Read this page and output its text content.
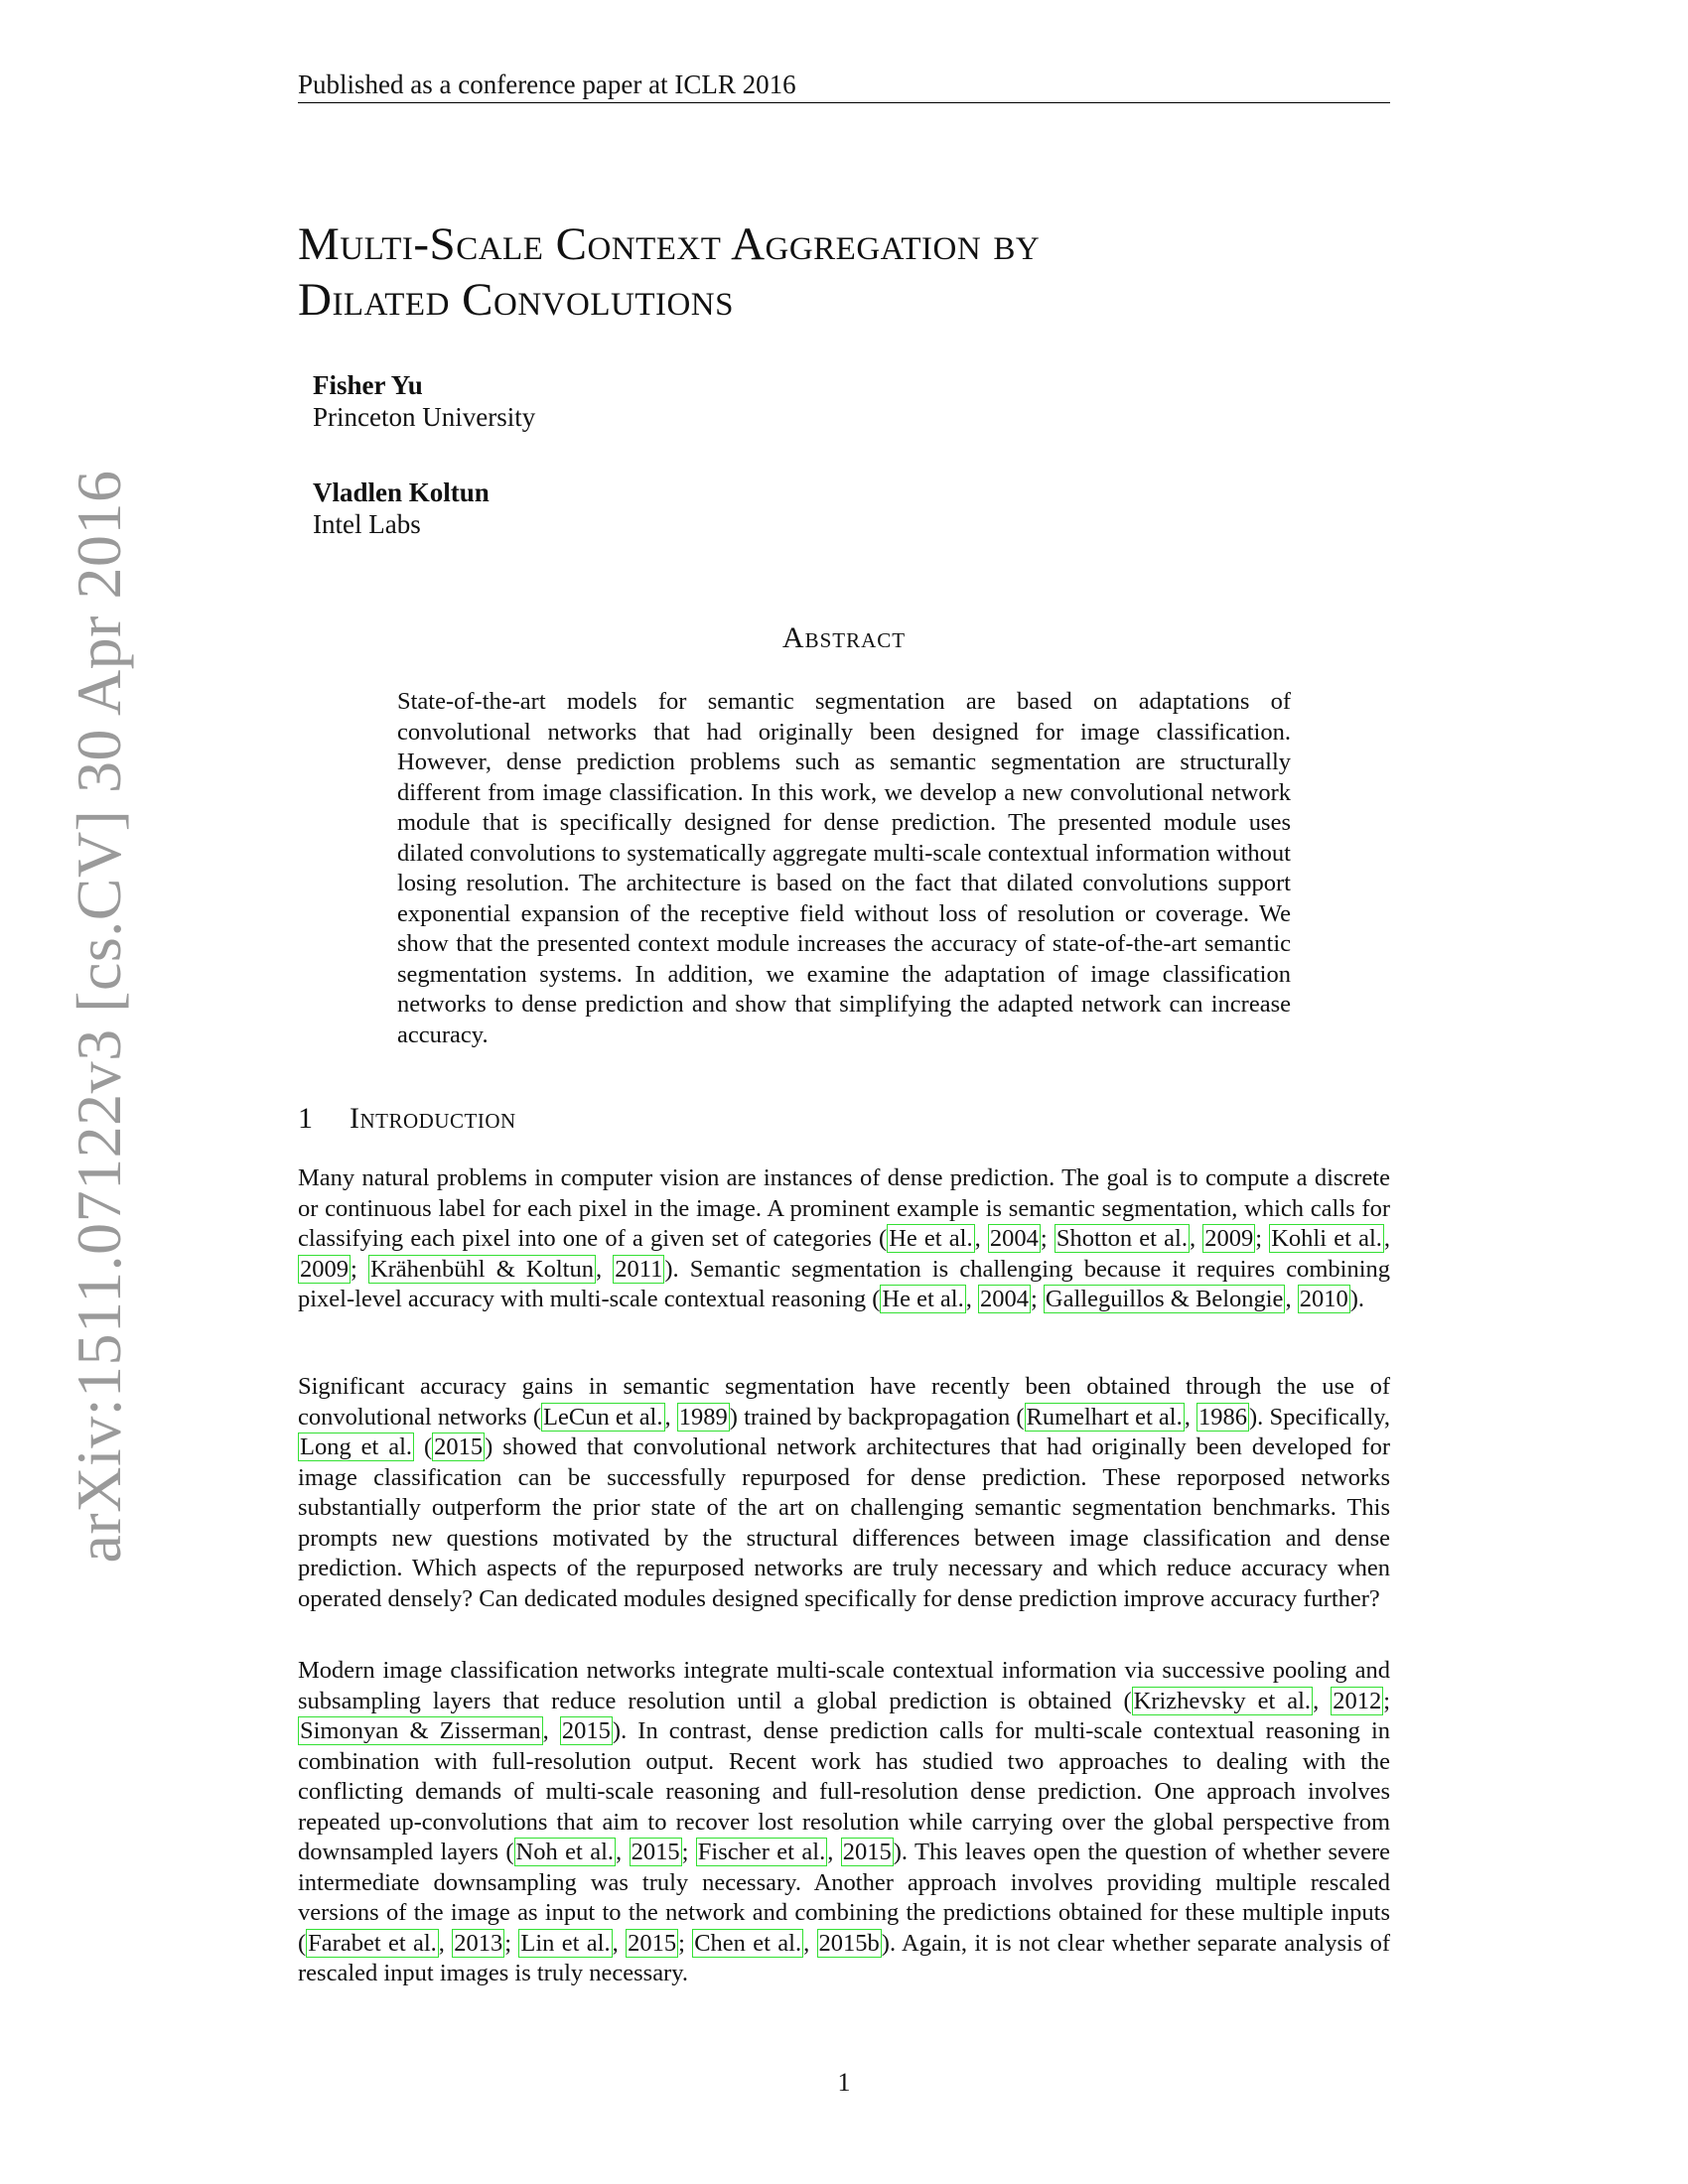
Published as a conference paper at ICLR 2016
Multi-Scale Context Aggregation by
Dilated Convolutions
Fisher Yu
Princeton University
Vladlen Koltun
Intel Labs
Abstract
State-of-the-art models for semantic segmentation are based on adaptations of convolutional networks that had originally been designed for image classification. However, dense prediction problems such as semantic segmentation are structurally different from image classification. In this work, we develop a new convolutional network module that is specifically designed for dense prediction. The presented module uses dilated convolutions to systematically aggregate multi-scale contextual information without losing resolution. The architecture is based on the fact that dilated convolutions support exponential expansion of the receptive field without loss of resolution or coverage. We show that the presented context module increases the accuracy of state-of-the-art semantic segmentation systems. In addition, we examine the adaptation of image classification networks to dense prediction and show that simplifying the adapted network can increase accuracy.
1 Introduction
Many natural problems in computer vision are instances of dense prediction. The goal is to compute a discrete or continuous label for each pixel in the image. A prominent example is semantic segmentation, which calls for classifying each pixel into one of a given set of categories (He et al., 2004; Shotton et al., 2009; Kohli et al., 2009; Krähenbühl & Koltun, 2011). Semantic segmentation is challenging because it requires combining pixel-level accuracy with multi-scale contextual reasoning (He et al., 2004; Galleguillos & Belongie, 2010).
Significant accuracy gains in semantic segmentation have recently been obtained through the use of convolutional networks (LeCun et al., 1989) trained by backpropagation (Rumelhart et al., 1986). Specifically, Long et al. (2015) showed that convolutional network architectures that had originally been developed for image classification can be successfully repurposed for dense prediction. These reporposed networks substantially outperform the prior state of the art on challenging semantic segmentation benchmarks. This prompts new questions motivated by the structural differences between image classification and dense prediction. Which aspects of the repurposed networks are truly necessary and which reduce accuracy when operated densely? Can dedicated modules designed specifically for dense prediction improve accuracy further?
Modern image classification networks integrate multi-scale contextual information via successive pooling and subsampling layers that reduce resolution until a global prediction is obtained (Krizhevsky et al., 2012; Simonyan & Zisserman, 2015). In contrast, dense prediction calls for multi-scale contextual reasoning in combination with full-resolution output. Recent work has studied two approaches to dealing with the conflicting demands of multi-scale reasoning and full-resolution dense prediction. One approach involves repeated up-convolutions that aim to recover lost resolution while carrying over the global perspective from downsampled layers (Noh et al., 2015; Fischer et al., 2015). This leaves open the question of whether severe intermediate downsampling was truly necessary. Another approach involves providing multiple rescaled versions of the image as input to the network and combining the predictions obtained for these multiple inputs (Farabet et al., 2013; Lin et al., 2015; Chen et al., 2015b). Again, it is not clear whether separate analysis of rescaled input images is truly necessary.
1
arXiv:1511.07122v3 [cs.CV] 30 Apr 2016
